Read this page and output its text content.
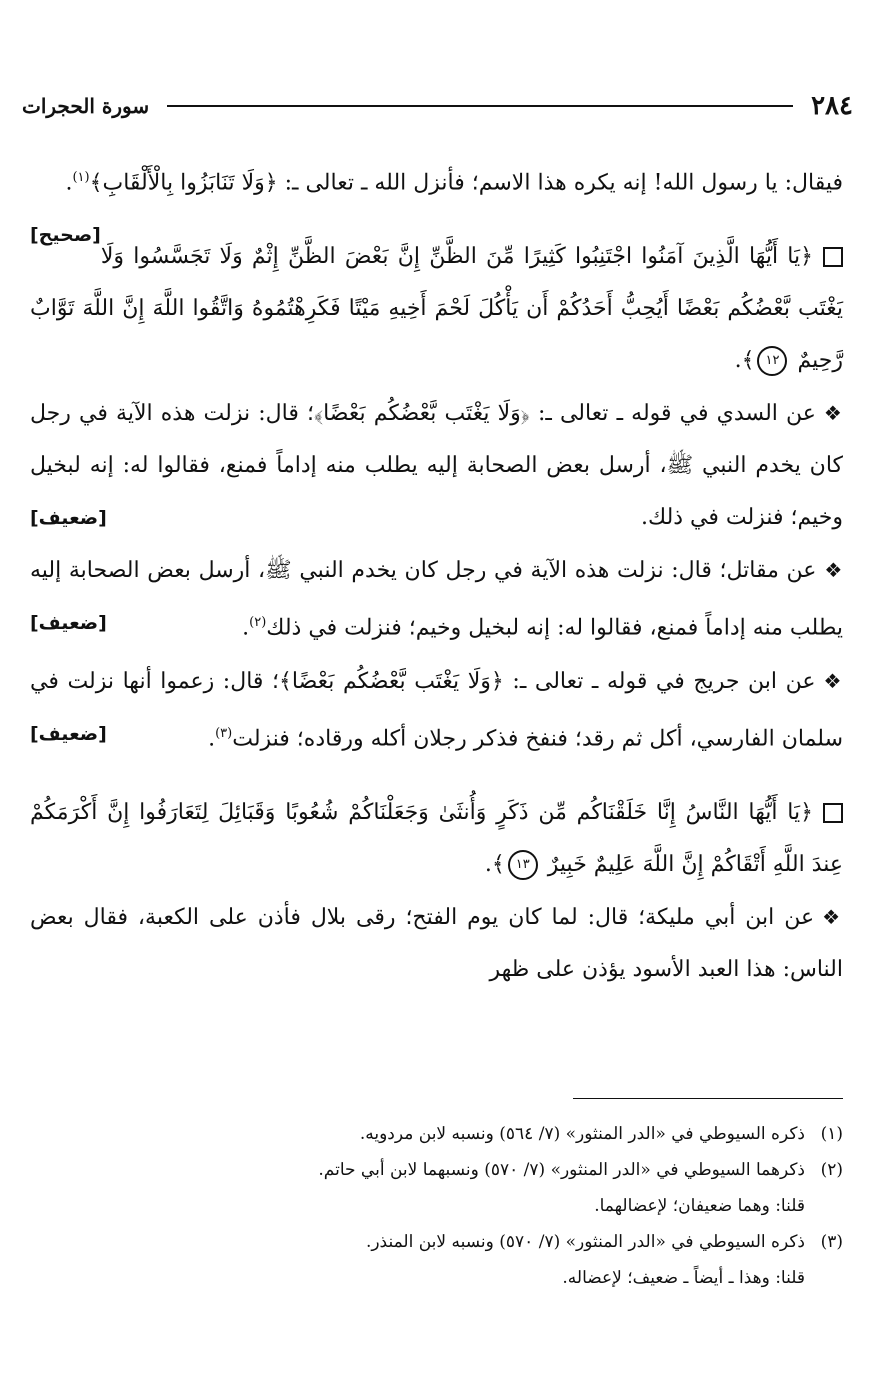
٢٨٤
سورة الحجرات

فيقال: يا رسول الله! إنه يكره هذا الاسم؛ فأنزل الله ـ تعالى ـ: ﴿وَلَا تَنَابَزُوا بِالْأَلْقَابِ﴾$^{(١)}$.
[صحيح]

﴿يَا أَيُّهَا الَّذِينَ آمَنُوا اجْتَنِبُوا كَثِيرًا مِّنَ الظَّنِّ إِنَّ بَعْضَ الظَّنِّ إِثْمٌ وَلَا تَجَسَّسُوا وَلَا يَغْتَب بَّعْضُكُم بَعْضًا أَيُحِبُّ أَحَدُكُمْ أَن يَأْكُلَ لَحْمَ أَخِيهِ مَيْتًا فَكَرِهْتُمُوهُ وَاتَّقُوا اللَّهَ إِنَّ اللَّهَ تَوَّابٌ رَّحِيمٌ ١٢﴾.

❖عن السدي في قوله ـ تعالى ـ: ﴿وَلَا يَغْتَب بَّعْضُكُم بَعْضًا﴾؛ قال: نزلت هذه الآية في رجل كان يخدم النبي ﷺ، أرسل بعض الصحابة إليه يطلب منه إداماً فمنع، فقالوا له: إنه لبخيل وخيم؛ فنزلت في ذلك.
[ضعيف]

❖عن مقاتل؛ قال: نزلت هذه الآية في رجل كان يخدم النبي ﷺ، أرسل بعض الصحابة إليه يطلب منه إداماً فمنع، فقالوا له: إنه لبخيل وخيم؛ فنزلت في ذلك$^{(٢)}$.
[ضعيف]

❖عن ابن جريج في قوله ـ تعالى ـ: ﴿وَلَا يَغْتَب بَّعْضُكُم بَعْضًا﴾؛ قال: زعموا أنها نزلت في سلمان الفارسي، أكل ثم رقد؛ فنفخ فذكر رجلان أكله ورقاده؛ فنزلت$^{(٣)}$.
[ضعيف]

﴿يَا أَيُّهَا النَّاسُ إِنَّا خَلَقْنَاكُم مِّن ذَكَرٍ وَأُنثَىٰ وَجَعَلْنَاكُمْ شُعُوبًا وَقَبَائِلَ لِتَعَارَفُوا إِنَّ أَكْرَمَكُمْ عِندَ اللَّهِ أَتْقَاكُمْ إِنَّ اللَّهَ عَلِيمٌ خَبِيرٌ ١٣﴾.

❖عن ابن أبي مليكة؛ قال: لما كان يوم الفتح؛ رقى بلال فأذن على الكعبة، فقال بعض الناس: هذا العبد الأسود يؤذن على ظهر

(١)ذكره السيوطي في «الدر المنثور» (٧/ ٥٦٤) ونسبه لابن مردويه.

(٢)ذكرهما السيوطي في «الدر المنثور» (٧/ ٥٧٠) ونسبهما لابن أبي حاتم.

قلنا: وهما ضعيفان؛ لإعضالهما.

(٣)ذكره السيوطي في «الدر المنثور» (٧/ ٥٧٠) ونسبه لابن المنذر.

قلنا: وهذا ـ أيضاً ـ ضعيف؛ لإعضاله.
